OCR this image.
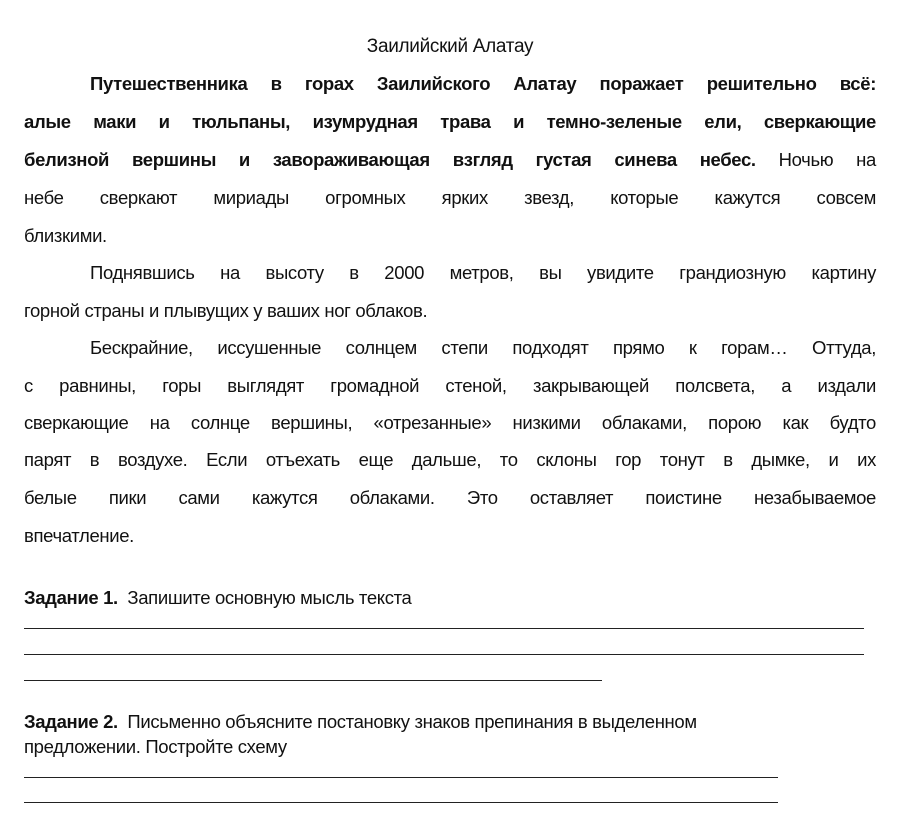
Заилийский Алатау
Путешественника в горах Заилийского Алатау поражает решительно всё:
алые маки и тюльпаны, изумрудная трава и темно-зеленые ели, сверкающие
белизной вершины и завораживающая взгляд густая синева небес. Ночью на
небе сверкают мириады огромных ярких звезд, которые кажутся совсем
близкими.
Поднявшись на высоту в 2000 метров, вы увидите грандиозную картину
горной страны и плывущих у ваших ног облаков.
Бескрайние, иссушенные солнцем степи подходят прямо к горам… Оттуда,
с равнины, горы выглядят громадной стеной, закрывающей полсвета, а издали
сверкающие на солнце вершины, «отрезанные» низкими облаками, порою как будто
парят в воздухе. Если отъехать еще дальше, то склоны гор тонут в дымке, и их
белые пики сами кажутся облаками. Это оставляет поистине незабываемое
впечатление.
Задание 1. Запишите основную мысль текста
Задание 2. Письменно объясните постановку знаков препинания в выделенном
предложении. Постройте схему
